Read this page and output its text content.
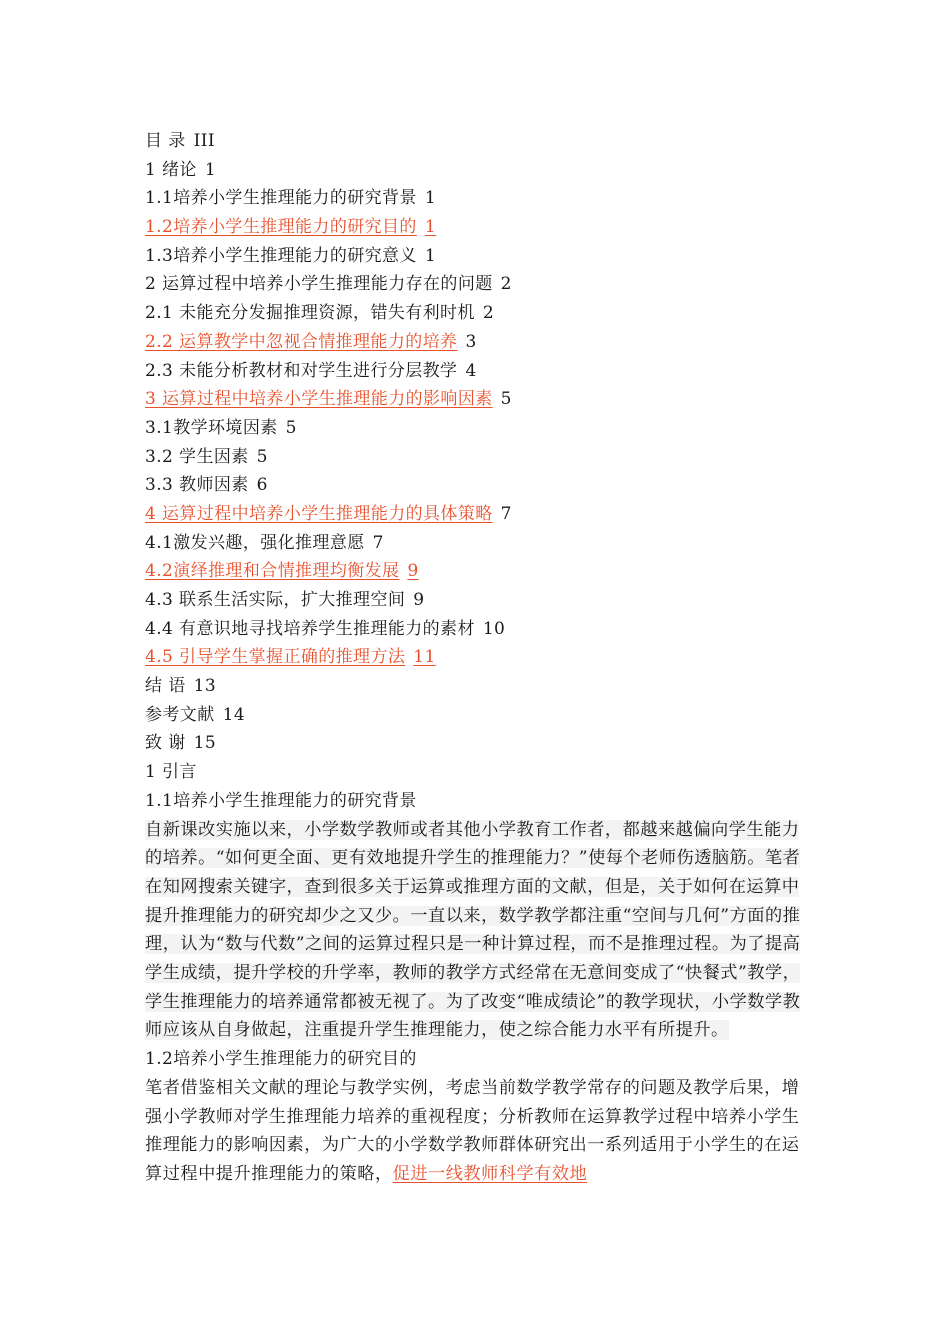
目 录 III
1 绪论 1
1.1培养小学生推理能力的研究背景 1
1.2培养小学生推理能力的研究目的 1
1.3培养小学生推理能力的研究意义 1
2 运算过程中培养小学生推理能力存在的问题 2
2.1 未能充分发掘推理资源，错失有利时机 2
2.2 运算教学中忽视合情推理能力的培养 3
2.3 未能分析教材和对学生进行分层教学 4
3 运算过程中培养小学生推理能力的影响因素 5
3.1教学环境因素 5
3.2 学生因素 5
3.3 教师因素 6
4 运算过程中培养小学生推理能力的具体策略 7
4.1激发兴趣，强化推理意愿 7
4.2演绎推理和合情推理均衡发展 9
4.3 联系生活实际，扩大推理空间 9
4.4 有意识地寻找培养学生推理能力的素材 10
4.5 引导学生掌握正确的推理方法 11
结 语 13
参考文献 14
致 谢 15
1 引言
1.1培养小学生推理能力的研究背景
自新课改实施以来，小学数学教师或者其他小学教育工作者，都越来越偏向学生能力的培养。“如何更全面、更有效地提升学生的推理能力？”使每个老师伤透脑筋。笔者在知网搜索关键字，查到很多关于运算或推理方面的文献，但是，关于如何在运算中提升推理能力的研究却少之又少。一直以来，数学教学都注重“空间与几何”方面的推理，认为“数与代数”之间的运算过程只是一种计算过程，而不是推理过程。为了提高学生成绩，提升学校的升学率，教师的教学方式经常在无意间变成了“快餐式”教学，学生推理能力的培养通常都被无视了。为了改变“唯成绩论”的教学现状，小学数学教师应该从自身做起，注重提升学生推理能力，使之综合能力水平有所提升。
1.2培养小学生推理能力的研究目的
笔者借鉴相关文献的理论与教学实例，考虑当前数学教学常存的问题及教学后果，增强小学教师对学生推理能力培养的重视程度；分析教师在运算教学过程中培养小学生推理能力的影响因素，为广大的小学数学教师群体研究出一系列适用于小学生的在运算过程中提升推理能力的策略，促进一线教师科学有效地
